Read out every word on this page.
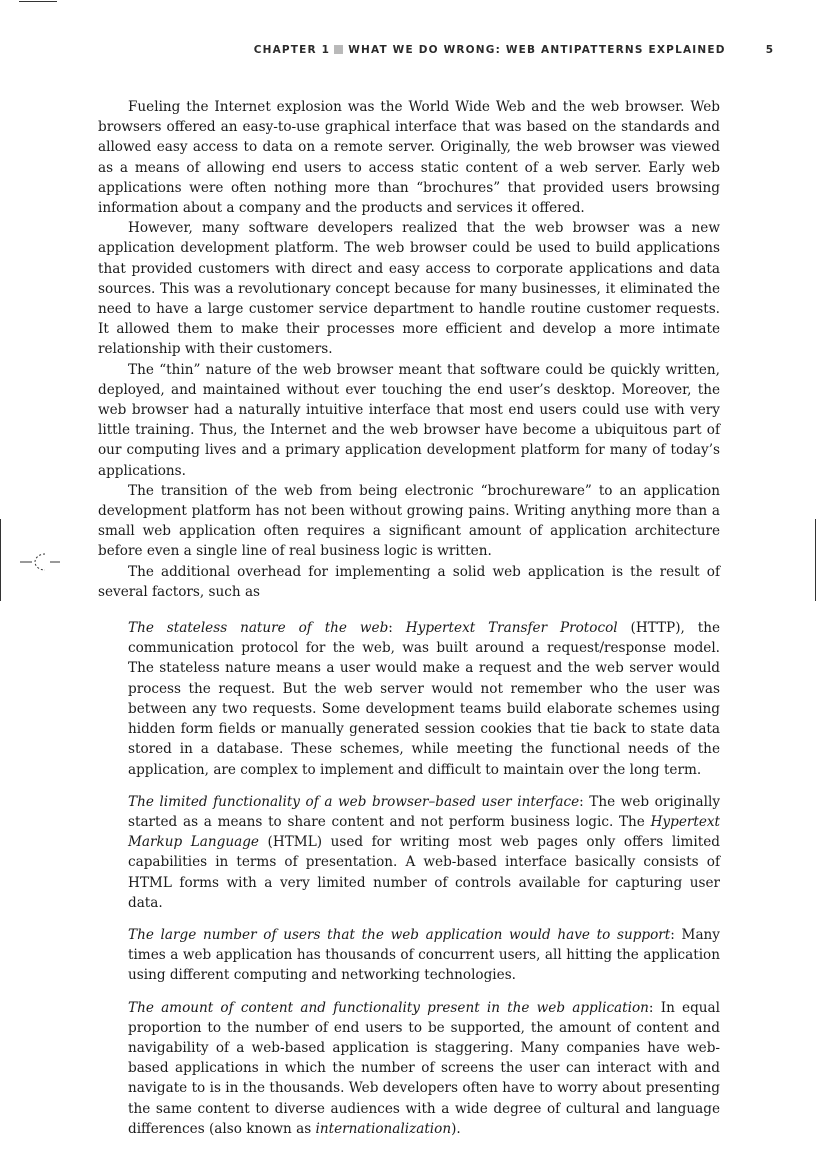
CHAPTER 1 WHAT WE DO WRONG: WEB ANTIPATTERNS EXPLAINED	5

Fueling the Internet explosion was the World Wide Web and the web browser. Web browsers offered an easy-to-use graphical interface that was based on the standards and allowed easy access to data on a remote server. Originally, the web browser was viewed as a means of allowing end users to access static content of a web server. Early web applications were often nothing more than “brochures” that provided users browsing information about a company and the products and services it offered.

However, many software developers realized that the web browser was a new application development platform. The web browser could be used to build applications that provided customers with direct and easy access to corporate applications and data sources. This was a revolutionary concept because for many businesses, it eliminated the need to have a large customer service department to handle routine customer requests. It allowed them to make their processes more efficient and develop a more intimate relationship with their customers.

The “thin” nature of the web browser meant that software could be quickly written, deployed, and maintained without ever touching the end user’s desktop. Moreover, the web browser had a naturally intuitive interface that most end users could use with very little training. Thus, the Internet and the web browser have become a ubiquitous part of our computing lives and a primary application development platform for many of today’s applications.

The transition of the web from being electronic “brochureware” to an application development platform has not been without growing pains. Writing anything more than a small web application often requires a significant amount of application architecture before even a single line of real business logic is written.

The additional overhead for implementing a solid web application is the result of several factors, such as

The stateless nature of the web: Hypertext Transfer Protocol (HTTP), the communication protocol for the web, was built around a request/response model. The stateless nature means a user would make a request and the web server would process the request. But the web server would not remember who the user was between any two requests. Some development teams build elaborate schemes using hidden form fields or manually generated session cookies that tie back to state data stored in a database. These schemes, while meeting the functional needs of the application, are complex to implement and difficult to maintain over the long term.

The limited functionality of a web browser–based user interface: The web originally started as a means to share content and not perform business logic. The Hypertext Markup Language (HTML) used for writing most web pages only offers limited capabilities in terms of presentation. A web-based interface basically consists of HTML forms with a very limited number of controls available for capturing user data.

The large number of users that the web application would have to support: Many times a web application has thousands of concurrent users, all hitting the application using different computing and networking technologies.

The amount of content and functionality present in the web application: In equal proportion to the number of end users to be supported, the amount of content and navigability of a web-based application is staggering. Many companies have web-based applications in which the number of screens the user can interact with and navigate to is in the thousands. Web developers often have to worry about presenting the same content to diverse audiences with a wide degree of cultural and language differences (also known as internationalization).
